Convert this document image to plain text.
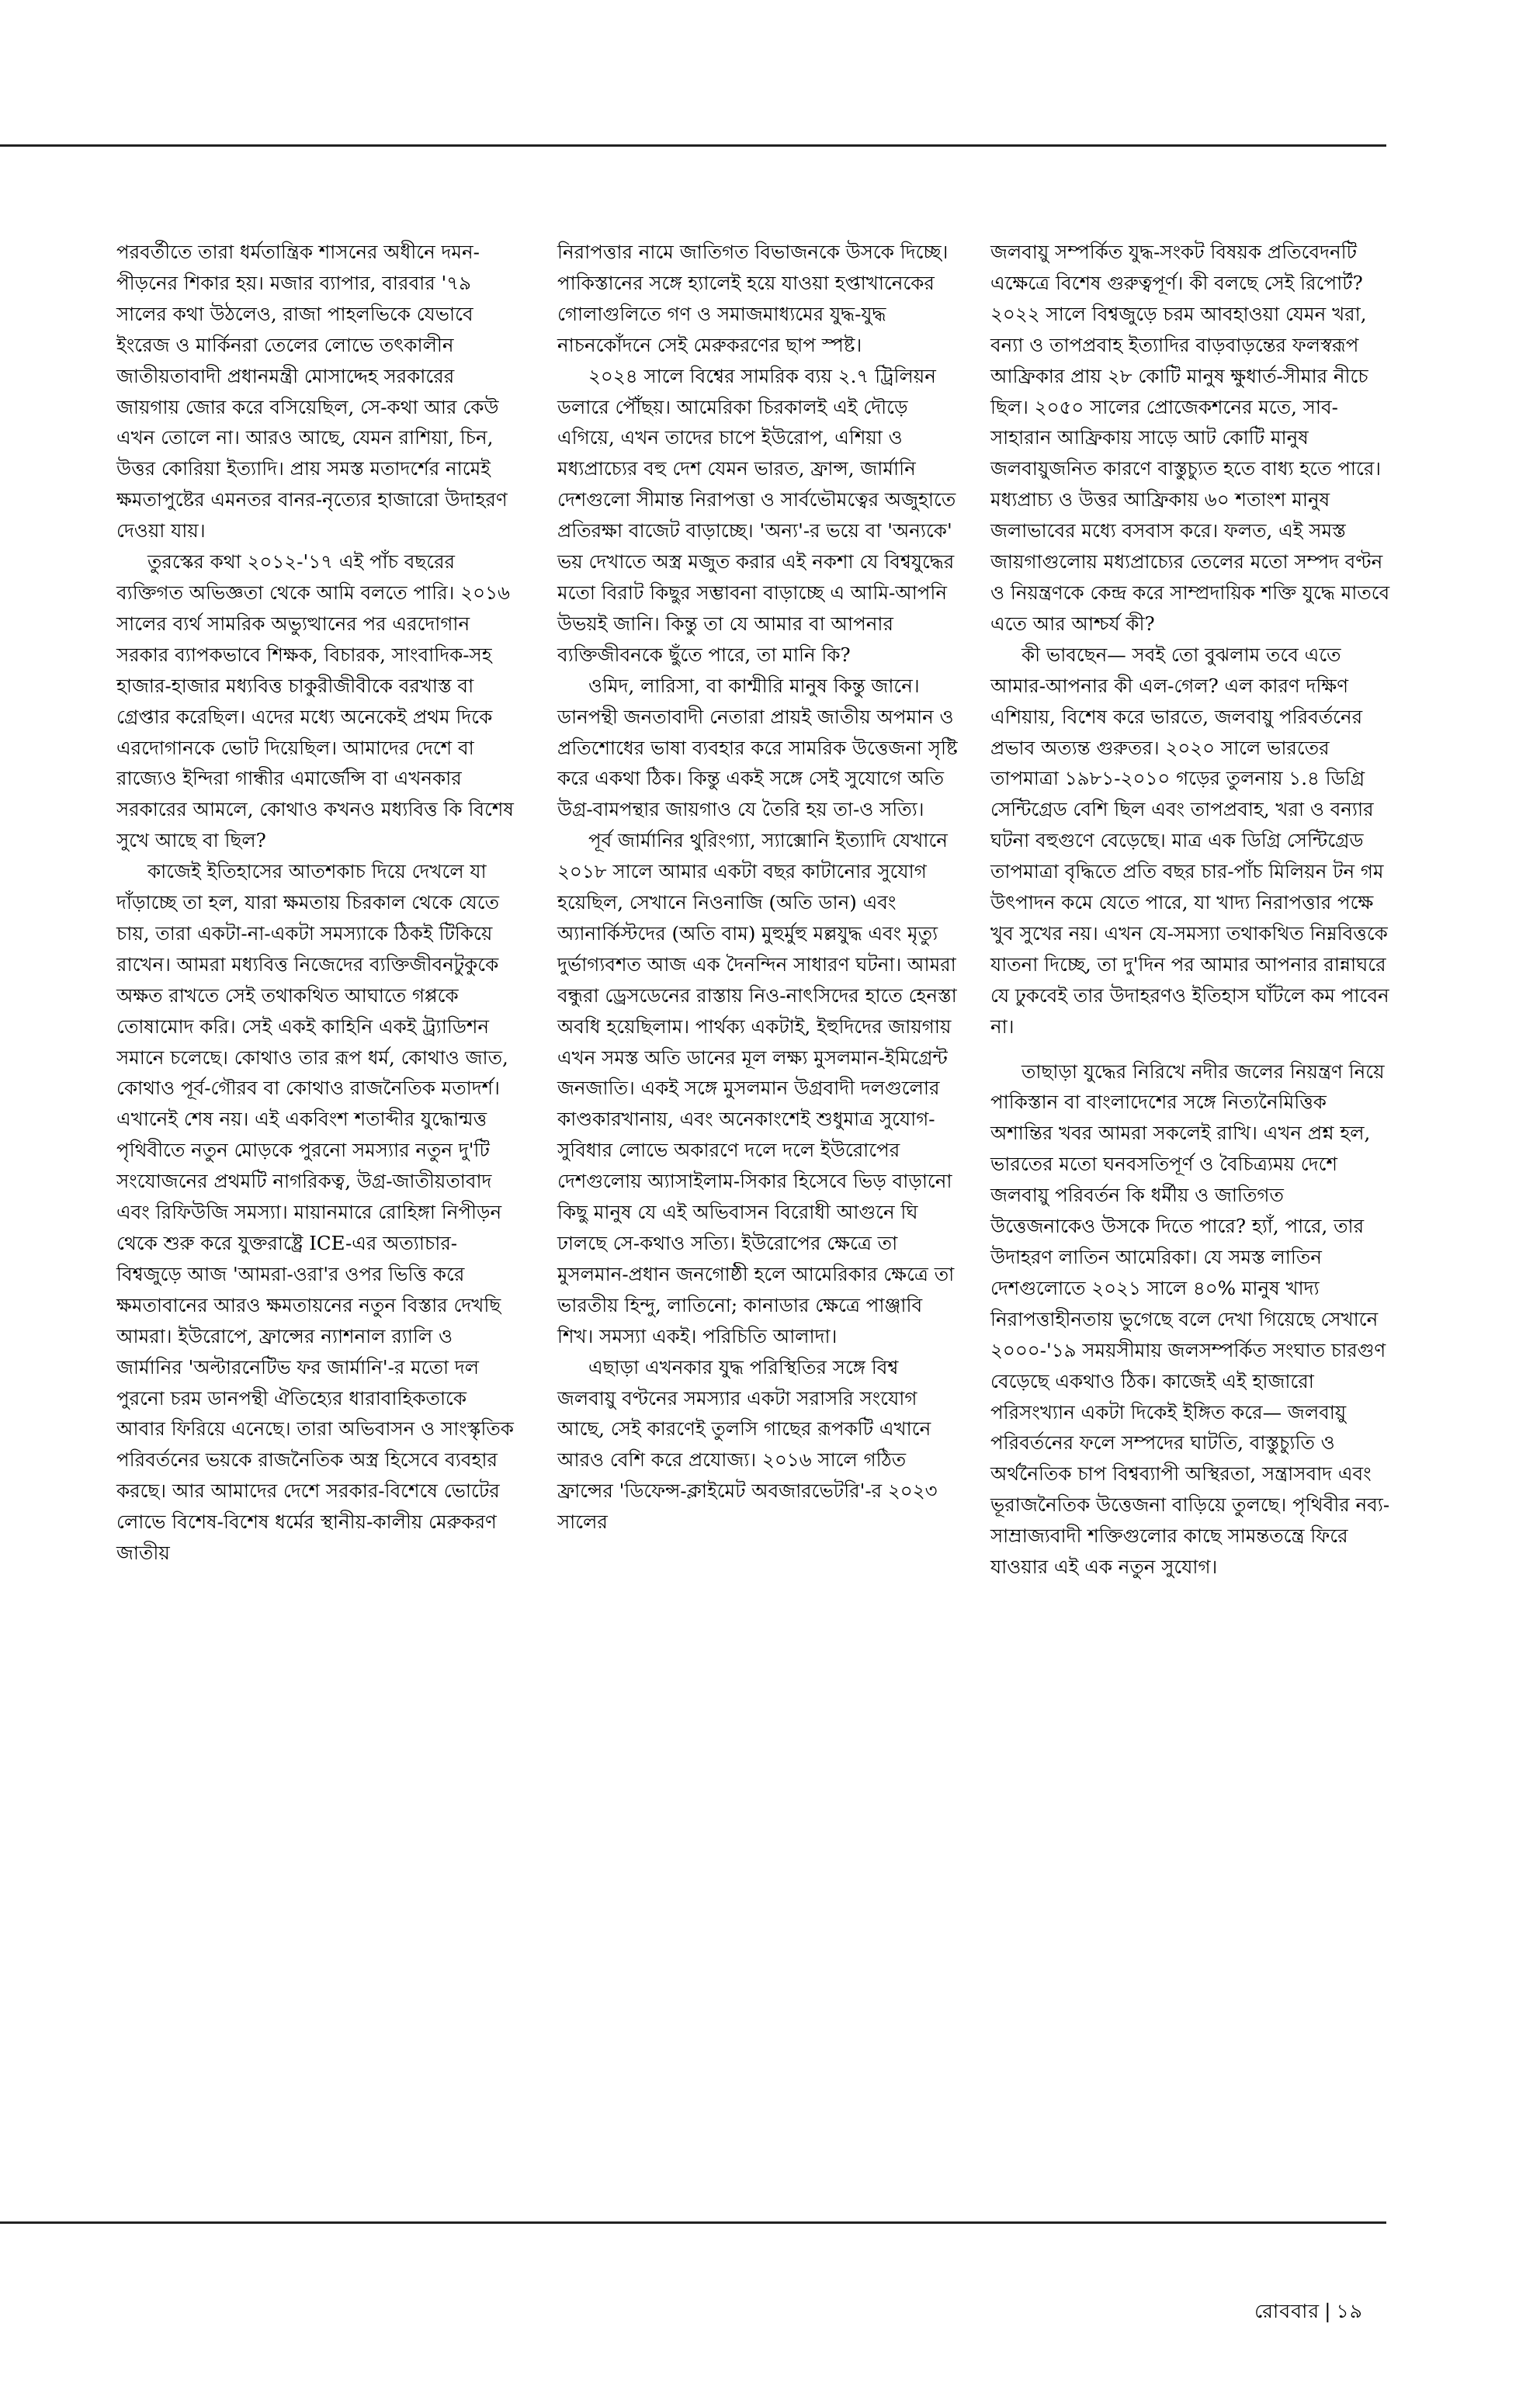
পরবর্তীতে তারা ধর্মতান্ত্রিক শাসনের অধীনে দমন-পীড়নের শিকার হয়। মজার ব্যাপার, বারবার '৭৯ সালের কথা উঠলেও, রাজা পাহলভিকে যেভাবে ইংরেজ ও মার্কিনরা তেলের লোভে তৎকালীন জাতীয়তাবাদী প্রধানমন্ত্রী মোসাদ্দেহ সরকারের জায়গায় জোর করে বসিয়েছিল, সে-কথা আর কেউ এখন তোলে না। আরও আছে, যেমন রাশিয়া, চিন, উত্তর কোরিয়া ইত্যাদি। প্রায় সমস্ত মতাদর্শের নামেই ক্ষমতাপুষ্টের এমনতর বানর-নৃত্যের হাজারো উদাহরণ দেওয়া যায়।

তুরস্কের কথা ২০১২-'১৭ এই পাঁচ বছরের ব্যক্তিগত অভিজ্ঞতা থেকে আমি বলতে পারি। ২০১৬ সালের ব্যর্থ সামরিক অভ্যুত্থানের পর এরদোগান সরকার ব্যাপকভাবে শিক্ষক, বিচারক, সাংবাদিক-সহ হাজার-হাজার মধ্যবিত্ত চাকুরীজীবীকে বরখাস্ত বা গ্রেপ্তার করেছিল। এদের মধ্যে অনেকেই প্রথম দিকে এরদোগানকে ভোট দিয়েছিল। আমাদের দেশে বা রাজ্যেও ইন্দিরা গান্ধীর এমার্জেন্সি বা এখনকার সরকারের আমলে, কোথাও কখনও মধ্যবিত্ত কি বিশেষ সুখে আছে বা ছিল?

কাজেই ইতিহাসের আতশকাচ দিয়ে দেখলে যা দাঁড়াচ্ছে তা হল, যারা ক্ষমতায় চিরকাল থেকে যেতে চায়, তারা একটা-না-একটা সমস্যাকে ঠিকই টিকিয়ে রাখেন। আমরা মধ্যবিত্ত নিজেদের ব্যক্তিজীবনটুকুকে অক্ষত রাখতে সেই তথাকথিত আঘাতে গপ্পকে তোষামোদ করি। সেই একই কাহিনি একই ট্র্যাডিশন সমানে চলেছে। কোথাও তার রূপ ধর্ম, কোথাও জাত, কোথাও পূর্ব-গৌরব বা কোথাও রাজনৈতিক মতাদর্শ।

এখানেই শেষ নয়। এই একবিংশ শতাব্দীর যুদ্ধোন্মত্ত পৃথিবীতে নতুন মোড়কে পুরনো সমস্যার নতুন দু'টি সংযোজনের প্রথমটি নাগরিকত্ব, উগ্র-জাতীয়তাবাদ এবং রিফিউজি সমস্যা। মায়ানমারে রোহিঙ্গা নিপীড়ন থেকে শুরু করে যুক্তরাষ্ট্রে ICE-এর অত্যাচার-বিশ্বজুড়ে আজ 'আমরা-ওরা'র ওপর ভিত্তি করে ক্ষমতাবানের আরও ক্ষমতায়নের নতুন বিস্তার দেখছি আমরা। ইউরোপে, ফ্রান্সের ন্যাশনাল র‍্যালি ও জার্মানির 'অল্টারনেটিভ ফর জার্মানি'-র মতো দল পুরনো চরম ডানপন্থী ঐতিহ্যের ধারাবাহিকতাকে আবার ফিরিয়ে এনেছে। তারা অভিবাসন ও সাংস্কৃতিক পরিবর্তনের ভয়কে রাজনৈতিক অস্ত্র হিসেবে ব্যবহার করছে। আর আমাদের দেশে সরকার-বিশেষে ভোটের লোভে বিশেষ-বিশেষ ধর্মের স্থানীয়-কালীয় মেরুকরণ জাতীয়

নিরাপত্তার নামে জাতিগত বিভাজনকে উসকে দিচ্ছে। পাকিস্তানের সঙ্গে হ্যালেই হয়ে যাওয়া হপ্তাখানেকের গোলাগুলিতে গণ ও সমাজমাধ্যমের যুদ্ধ-যুদ্ধ নাচনকোঁদনে সেই মেরুকরণের ছাপ স্পষ্ট।

২০২৪ সালে বিশ্বের সামরিক ব্যয় ২.৭ ট্রিলিয়ন ডলারে পৌঁছয়। আমেরিকা চিরকালই এই দৌড়ে এগিয়ে, এখন তাদের চাপে ইউরোপ, এশিয়া ও মধ্যপ্রাচ্যের বহু দেশ যেমন ভারত, ফ্রান্স, জার্মানি দেশগুলো সীমান্ত নিরাপত্তা ও সার্বভৌমত্বের অজুহাতে প্রতিরক্ষা বাজেট বাড়াচ্ছে। 'অন্য'-র ভয়ে বা 'অন্যকে' ভয় দেখাতে অস্ত্র মজুত করার এই নকশা যে বিশ্বযুদ্ধের মতো বিরাট কিছুর সম্ভাবনা বাড়াচ্ছে এ আমি-আপনি উভয়ই জানি। কিন্তু তা যে আমার বা আপনার ব্যক্তিজীবনকে ছুঁতে পারে, তা মানি কি?

ওমিদ, লারিসা, বা কাশ্মীরি মানুষ কিন্তু জানে। ডানপন্থী জনতাবাদী নেতারা প্রায়ই জাতীয় অপমান ও প্রতিশোধের ভাষা ব্যবহার করে সামরিক উত্তেজনা সৃষ্টি করে একথা ঠিক। কিন্তু একই সঙ্গে সেই সুযোগে অতি উগ্র-বামপন্থার জায়গাও যে তৈরি হয় তা-ও সত্যি।

পূর্ব জার্মানির থুরিংগ্যা, স্যাক্সোনি ইত্যাদি যেখানে ২০১৮ সালে আমার একটা বছর কাটানোর সুযোগ হয়েছিল, সেখানে নিওনাজি (অতি ডান) এবং অ্যানার্কিস্টদের (অতি বাম) মুহুর্মুহু মল্লযুদ্ধ এবং মৃত্যু দুর্ভাগ্যবশত আজ এক দৈনন্দিন সাধারণ ঘটনা। আমরা বন্ধুরা ড্রেসডেনের রাস্তায় নিও-নাৎসিদের হাতে হেনস্তা অবধি হয়েছিলাম। পার্থক্য একটাই, ইহুদিদের জায়গায় এখন সমস্ত অতি ডানের মূল লক্ষ্য মুসলমান-ইমিগ্রেন্ট জনজাতি। একই সঙ্গে মুসলমান উগ্রবাদী দলগুলোর কাণ্ডকারখানায়, এবং অনেকাংশেই শুধুমাত্র সুযোগ-সুবিধার লোভে অকারণে দলে দলে ইউরোপের দেশগুলোয় অ্যাসাইলাম-সিকার হিসেবে ভিড় বাড়ানো কিছু মানুষ যে এই অভিবাসন বিরোধী আগুনে ঘি ঢালছে সে-কথাও সত্যি। ইউরোপের ক্ষেত্রে তা মুসলমান-প্রধান জনগোষ্ঠী হলে আমেরিকার ক্ষেত্রে তা ভারতীয় হিন্দু, লাতিনো; কানাডার ক্ষেত্রে পাঞ্জাবি শিখ। সমস্যা একই। পরিচিতি আলাদা।

এছাড়া এখনকার যুদ্ধ পরিস্থিতির সঙ্গে বিশ্ব জলবায়ু বণ্টনের সমস্যার একটা সরাসরি সংযোগ আছে, সেই কারণেই তুলসি গাছের রূপকটি এখানে আরও বেশি করে প্রযোজ্য। ২০১৬ সালে গঠিত ফ্রান্সের 'ডিফেন্স-ক্লাইমেট অবজারভেটরি'-র ২০২৩ সালের

জলবায়ু সম্পর্কিত যুদ্ধ-সংকট বিষয়ক প্রতিবেদনটি এক্ষেত্রে বিশেষ গুরুত্বপূর্ণ। কী বলছে সেই রিপোর্ট? ২০২২ সালে বিশ্বজুড়ে চরম আবহাওয়া যেমন খরা, বন্যা ও তাপপ্রবাহ ইত্যাদির বাড়বাড়ন্তের ফলস্বরূপ আফ্রিকার প্রায় ২৮ কোটি মানুষ ক্ষুধার্ত-সীমার নীচে ছিল। ২০৫০ সালের প্রোজেকশনের মতে, সাব-সাহারান আফ্রিকায় সাড়ে আট কোটি মানুষ জলবায়ুজনিত কারণে বাস্তুচ্যুত হতে বাধ্য হতে পারে। মধ্যপ্রাচ্য ও উত্তর আফ্রিকায় ৬০ শতাংশ মানুষ জলাভাবের মধ্যে বসবাস করে। ফলত, এই সমস্ত জায়গাগুলোয় মধ্যপ্রাচ্যের তেলের মতো সম্পদ বণ্টন ও নিয়ন্ত্রণকে কেন্দ্র করে সাম্প্রদায়িক শক্তি যুদ্ধে মাতবে এতে আর আশ্চর্য কী?

কী ভাবছেন— সবই তো বুঝলাম তবে এতে আমার-আপনার কী এল-গেল? এল কারণ দক্ষিণ এশিয়ায়, বিশেষ করে ভারতে, জলবায়ু পরিবর্তনের প্রভাব অত্যন্ত গুরুতর। ২০২০ সালে ভারতের তাপমাত্রা ১৯৮১-২০১০ গড়ের তুলনায় ১.৪ ডিগ্রি সেন্টিগ্রেড বেশি ছিল এবং তাপপ্রবাহ, খরা ও বন্যার ঘটনা বহুগুণে বেড়েছে। মাত্র এক ডিগ্রি সেন্টিগ্রেড তাপমাত্রা বৃদ্ধিতে প্রতি বছর চার-পাঁচ মিলিয়ন টন গম উৎপাদন কমে যেতে পারে, যা খাদ্য নিরাপত্তার পক্ষে খুব সুখের নয়। এখন যে-সমস্যা তথাকথিত নিম্নবিত্তকে যাতনা দিচ্ছে, তা দু'দিন পর আমার আপনার রান্নাঘরে যে ঢুকবেই তার উদাহরণও ইতিহাস ঘাঁটলে কম পাবেন না।

তাছাড়া যুদ্ধের নিরিখে নদীর জলের নিয়ন্ত্রণ নিয়ে পাকিস্তান বা বাংলাদেশের সঙ্গে নিত্যনৈমিত্তিক অশান্তির খবর আমরা সকলেই রাখি। এখন প্রশ্ন হল, ভারতের মতো ঘনবসতিপূর্ণ ও বৈচিত্র্যময় দেশে জলবায়ু পরিবর্তন কি ধর্মীয় ও জাতিগত উত্তেজনাকেও উসকে দিতে পারে? হ্যাঁ, পারে, তার উদাহরণ লাতিন আমেরিকা। যে সমস্ত লাতিন দেশগুলোতে ২০২১ সালে ৪০% মানুষ খাদ্য নিরাপত্তাহীনতায় ভুগেছে বলে দেখা গিয়েছে সেখানে ২০০০-'১৯ সময়সীমায় জলসম্পর্কিত সংঘাত চারগুণ বেড়েছে একথাও ঠিক। কাজেই এই হাজারো পরিসংখ্যান একটা দিকেই ইঙ্গিত করে— জলবায়ু পরিবর্তনের ফলে সম্পদের ঘাটতি, বাস্তুচ্যুতি ও অর্থনৈতিক চাপ বিশ্বব্যাপী অস্থিরতা, সন্ত্রাসবাদ এবং ভূরাজনৈতিক উত্তেজনা বাড়িয়ে তুলছে। পৃথিবীর নব্য-সাম্রাজ্যবাদী শক্তিগুলোর কাছে সামন্ততন্ত্রে ফিরে যাওয়ার এই এক নতুন সুযোগ।

রোববার | ১৯
